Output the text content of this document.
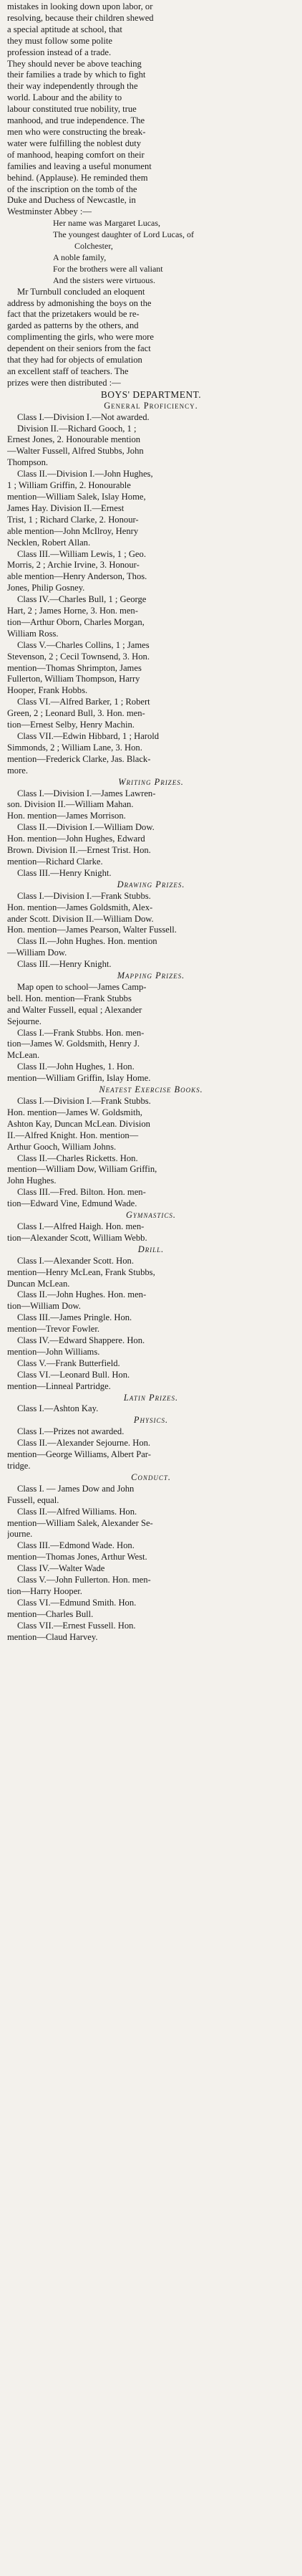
mistakes in looking down upon labor, or
resolving, because their children shewed
a special aptitude at school, that
they must follow some polite
profession instead of a trade.
They should never be above teaching
their families a trade by which to fight
their way independently through the
world. Labour and the ability to
labour constituted true nobility, true
manhood, and true independence. The
men who were constructing the break-
water were fulfilling the noblest duty
of manhood, heaping comfort on their
families and leaving a useful monument
behind. (Applause). He reminded them
of the inscription on the tomb of the
Duke and Duchess of Newcastle, in
Westminster Abbey :—
Her name was Margaret Lucas,
The youngest daughter of Lord Lucas, of
Colchester,
A noble family,
For the brothers were all valiant
And the sisters were virtuous.
Mr Turnbull concluded an eloquent
address by admonishing the boys on the
fact that the prizetakers would be re-
garded as patterns by the others, and
complimenting the girls, who were more
dependent on their seniors from the fact
that they had for objects of emulation
an excellent staff of teachers. The
prizes were then distributed :—
BOYS' DEPARTMENT.
General Proficiency.
Class I.—Division I.—Not awarded.
Division II.—Richard Gooch, 1 ;
Ernest Jones, 2. Honourable mention
—Walter Fussell, Alfred Stubbs, John
Thompson.
Class II.—Division I.—John Hughes,
1 ; William Griffin, 2. Honourable
mention—William Salek, Islay Home,
James Hay. Division II.—Ernest
Trist, 1 ; Richard Clarke, 2. Honour-
able mention—John McIlroy, Henry
Necklen, Robert Allan.
Class III.—William Lewis, 1 ; Geo.
Morris, 2 ; Archie Irvine, 3. Honour-
able mention—Henry Anderson, Thos.
Jones, Philip Gosney.
Class IV.—Charles Bull, 1 ; George
Hart, 2 ; James Horne, 3. Hon. men-
tion—Arthur Oborn, Charles Morgan,
William Ross.
Class V.—Charles Collins, 1 ; James
Stevenson, 2 ; Cecil Townsend, 3. Hon.
mention—Thomas Shrimpton, James
Fullerton, William Thompson, Harry
Hooper, Frank Hobbs.
Class VI.—Alfred Barker, 1 ; Robert
Green, 2 ; Leonard Bull, 3. Hon. men-
tion—Ernest Selby, Henry Machin.
Class VII.—Edwin Hibbard, 1 ; Harold
Simmonds, 2 ; William Lane, 3. Hon.
mention—Frederick Clarke, Jas. Black-
more.
Writing Prizes.
Class I.—Division I.—James Lawren-
son. Division II.—William Mahan.
Hon. mention—James Morrison.
Class II.—Division I.—William Dow.
Hon. mention—John Hughes, Edward
Brown. Division II.—Ernest Trist. Hon.
mention—Richard Clarke.
Class III.—Henry Knight.
Drawing Prizes.
Class I.—Division I.—Frank Stubbs.
Hon. mention—James Goldsmith, Alex-
ander Scott. Division II.—William Dow.
Hon. mention—James Pearson, Walter Fussell.
Class II.—John Hughes. Hon. mention
—William Dow.
Class III.—Henry Knight.
Mapping Prizes.
Map open to school—James Camp-
bell. Hon. mention—Frank Stubbs
and Walter Fussell, equal ; Alexander
Sejourne.
Class I.—Frank Stubbs. Hon. men-
tion—James W. Goldsmith, Henry J.
McLean.
Class II.—John Hughes, 1. Hon.
mention—William Griffin, Islay Home.
Neatest Exercise Books.
Class I.—Division I.—Frank Stubbs.
Hon. mention—James W. Goldsmith,
Ashton Kay, Duncan McLean. Division
II.—Alfred Knight. Hon. mention—
Arthur Gooch, William Johns.
Class II.—Charles Ricketts. Hon.
mention—William Dow, William Griffin,
John Hughes.
Class III.—Fred. Bilton. Hon. men-
tion—Edward Vine, Edmund Wade.
Gymnastics.
Class I.—Alfred Haigh. Hon. men-
tion—Alexander Scott, William Webb.
Drill.
Class I.—Alexander Scott. Hon.
mention—Henry McLean, Frank Stubbs,
Duncan McLean.
Class II.—John Hughes. Hon. men-
tion—William Dow.
Class III.—James Pringle. Hon.
mention—Trevor Fowler.
Class IV.—Edward Shappere. Hon.
mention—John Williams.
Class V.—Frank Butterfield.
Class VI.—Leonard Bull. Hon.
mention—Linneal Partridge.
Latin Prizes.
Class I.—Ashton Kay.
Physics.
Class I.—Prizes not awarded.
Class II.—Alexander Sejourne. Hon.
mention—George Williams, Albert Par-
tridge.
Conduct.
Class I. — James Dow and John
Fussell, equal.
Class II.—Alfred Williams. Hon.
mention—William Salek, Alexander Se-
journe.
Class III.—Edmond Wade. Hon.
mention—Thomas Jones, Arthur West.
Class IV.—Walter Wade
Class V.—John Fullerton. Hon. men-
tion—Harry Hooper.
Class VI.—Edmund Smith. Hon.
mention—Charles Bull.
Class VII.—Ernest Fussell. Hon.
mention—Claud Harvey.
